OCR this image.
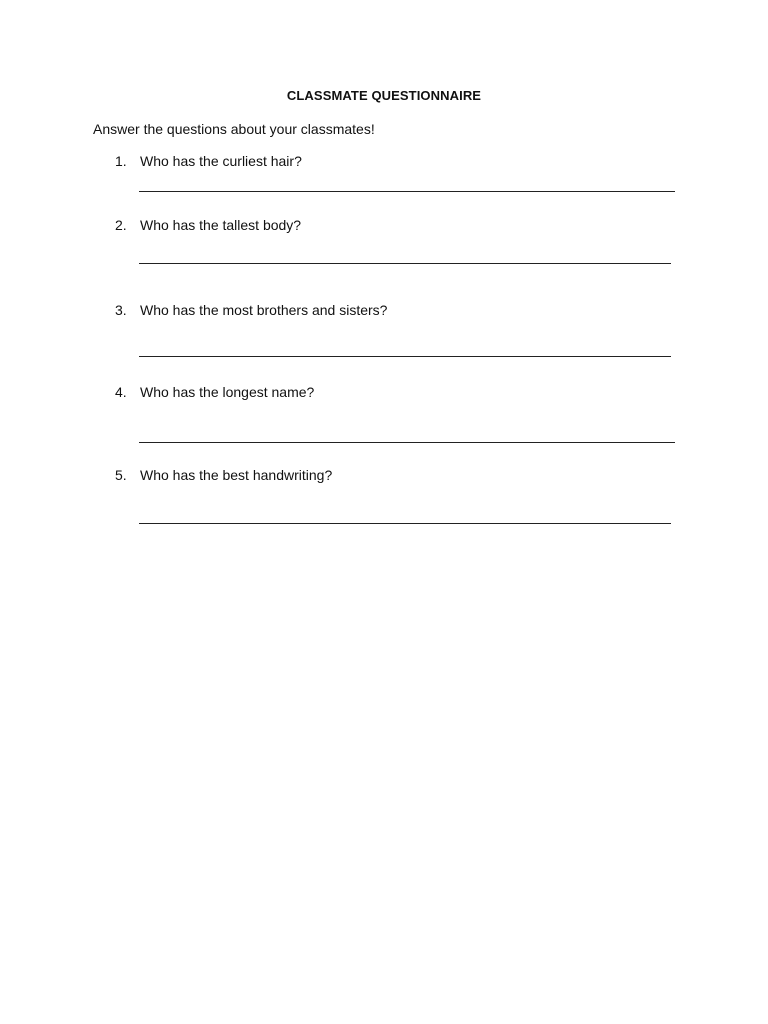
CLASSMATE QUESTIONNAIRE
Answer the questions about your classmates!
1. Who has the curliest hair?
2. Who has the tallest body?
3. Who has the most brothers and sisters?
4. Who has the longest name?
5. Who has the best handwriting?
